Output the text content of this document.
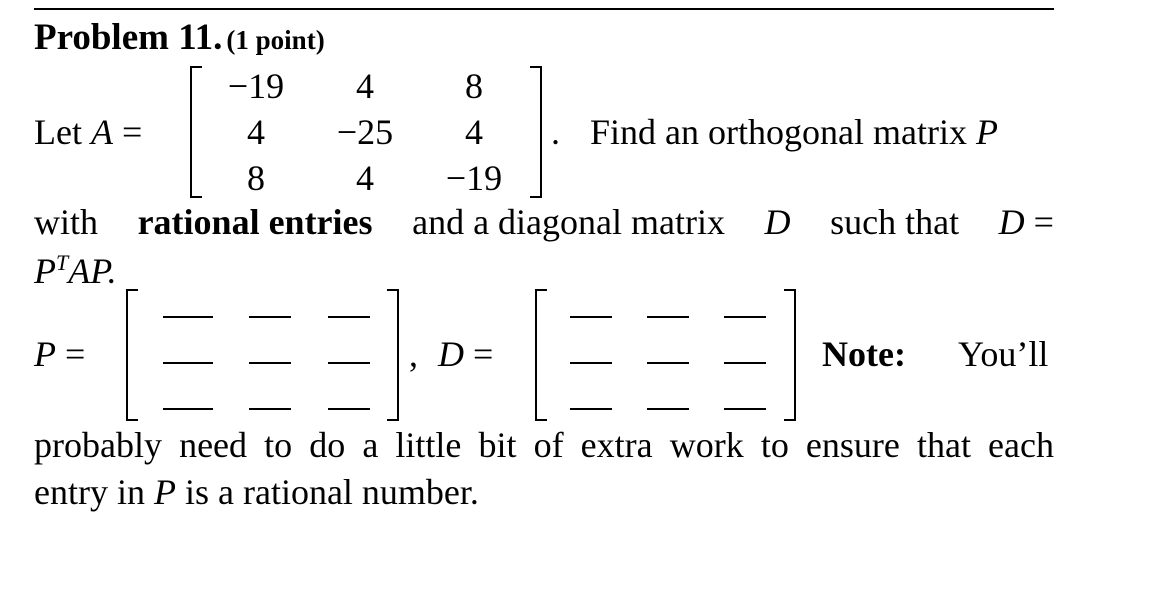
Problem 11. (1 point)
Let A =
−19	4	8
4	−25	4
8	4	−19
. Find an orthogonal matrix P
with rational entries and a diagonal matrix D such that D =
$P^TAP$.
P =	, D =	Note: You’ll
probably need to do a little bit of extra work to ensure that each
entry in P is a rational number.
